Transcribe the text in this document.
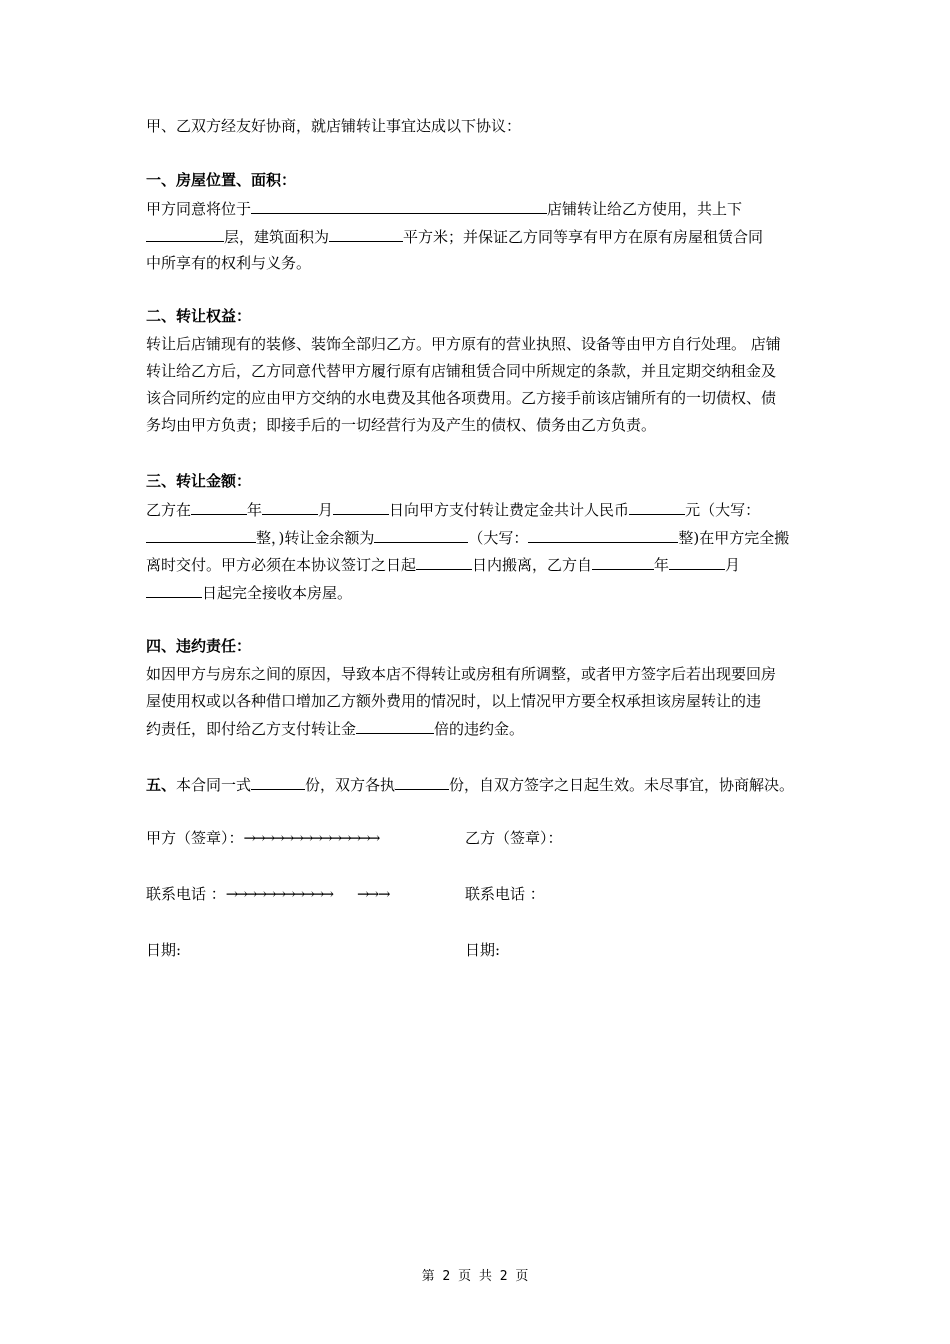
甲、乙双方经友好协商，就店铺转让事宜达成以下协议：
一、房屋位置、面积：
甲方同意将位于	店铺转让给乙方使用，共上下
层，建筑面积为	平方米；并保证乙方同等享有甲方在原有房屋租赁合同
中所享有的权利与义务。
二、转让权益：
转让后店铺现有的装修、装饰全部归乙方。甲方原有的营业执照、设备等由甲方自行处理。 店铺
转让给乙方后，乙方同意代替甲方履行原有店铺租赁合同中所规定的条款，并且定期交纳租金及
该合同所约定的应由甲方交纳的水电费及其他各项费用。乙方接手前该店铺所有的一切债权、债
务均由甲方负责；即接手后的一切经营行为及产生的债权、债务由乙方负责。
三、转让金额：
乙方在	年	月	日向甲方支付转让费定金共计人民币	元（大写：
整，)转让金余额为	（大写：	整)在甲方完全搬
离时交付。甲方必须在本协议签订之日起	日内搬离，乙方自	年	月
日起完全接收本房屋。
四、违约责任：
如因甲方与房东之间的原因，导致本店不得转让或房租有所调整，或者甲方签字后若出现要回房
屋使用权或以各种借口增加乙方额外费用的情况时，以上情况甲方要全权承担该房屋转让的违
约责任，即付给乙方支付转让金	倍的违约金。
五、本合同一式	份，双方各执	份，自双方签字之日起生效。未尽事宜，协商解决。
甲方（签章）：→→→→→→→→→→→→→→	乙方（签章）：
联系电话 ：→→→→→→→→→→→ →→ →	联系电话 ：
日期:	日期:
第 2 页 共 2 页
